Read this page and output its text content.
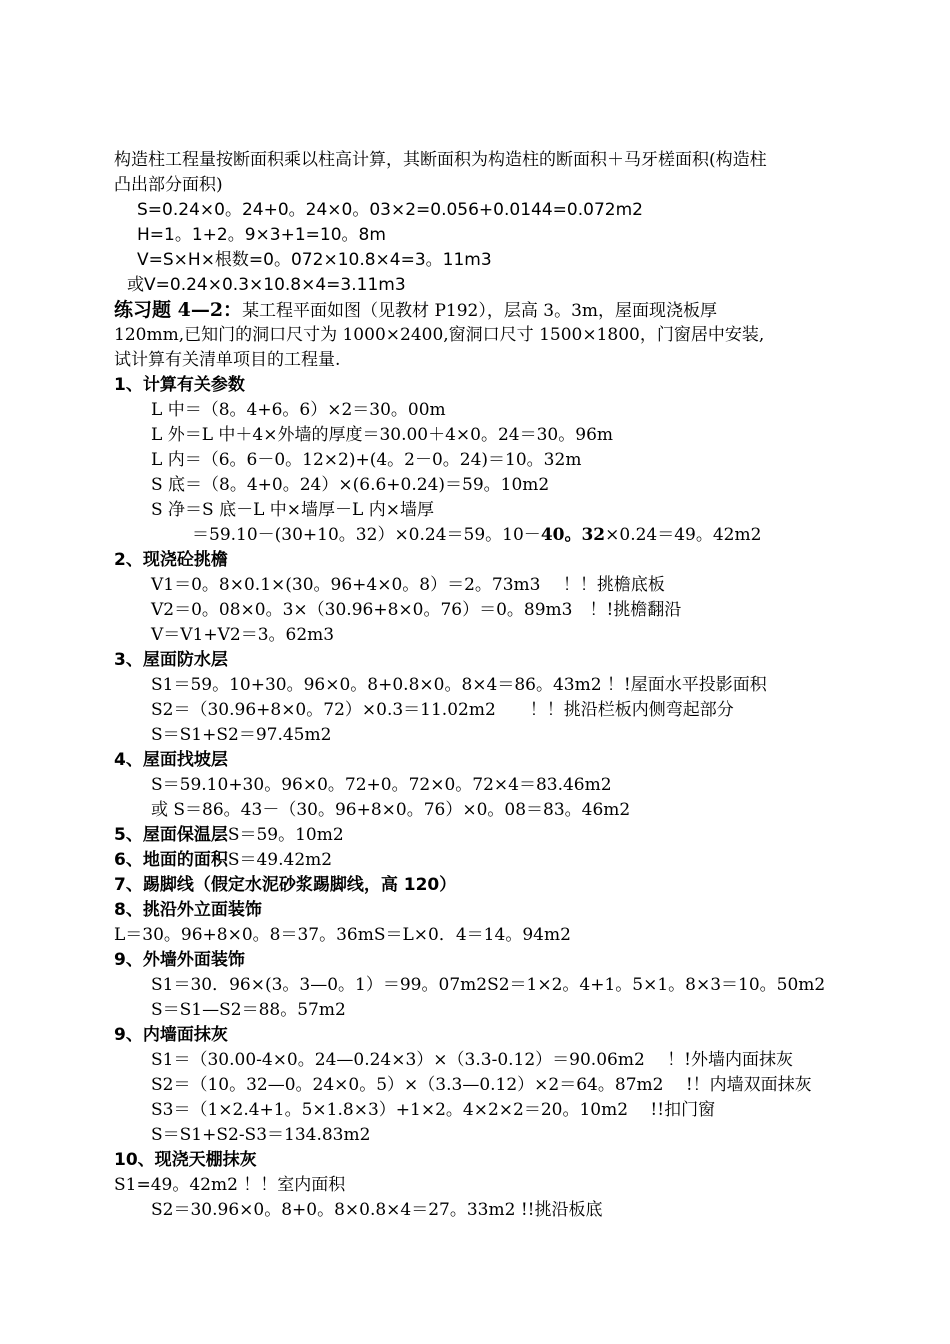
构造柱工程量按断面积乘以柱高计算，其断面积为构造柱的断面积＋马牙槎面积(构造柱
凸出部分面积)
S=0.24×0。24+0。24×0。03×2=0.056+0.0144=0.072m2
H=1。1+2。9×3+1=10。8m
V=S×H×根数=0。072×10.8×4=3。11m3
或V=0.24×0.3×10.8×4=3.11m3
练习题 4—2：某工程平面如图（见教材 P192），层高 3。3m，屋面现浇板厚
120mm,已知门的洞口尺寸为 1000×2400,窗洞口尺寸 1500×1800，门窗居中安装,
试计算有关清单项目的工程量.
1、计算有关参数
L 中＝（8。4+6。6）×2＝30。00m
L 外＝L 中＋4×外墙的厚度＝30.00＋4×0。24＝30。96m
L 内＝（6。6－0。12×2)+(4。2－0。24)＝10。32m
S 底＝（8。4+0。24）×(6.6+0.24)＝59。10m2
S 净＝S 底－L 中×墙厚－L 内×墙厚
＝59.10－(30+10。32）×0.24＝59。10－40。32×0.24＝49。42m2
2、现浇砼挑檐
V1＝0。8×0.1×(30。96+4×0。8）＝2。73m3　 ！！挑檐底板
V2＝0。08×0。3×（30.96+8×0。76）＝0。89m3　！!挑檐翻沿
V＝V1+V2＝3。62m3
3、屋面防水层
S1＝59。10+30。96×0。8+0.8×0。8×4＝86。43m2 ！!屋面水平投影面积
S2＝（30.96+8×0。72）×0.3＝11.02m2　　！！挑沿栏板内侧弯起部分
S＝S1+S2＝97.45m2
4、屋面找坡层
S＝59.10+30。96×0。72+0。72×0。72×4＝83.46m2
或 S＝86。43－（30。96+8×0。76）×0。08＝83。46m2
5、屋面保温层S＝59。10m2
6、地面的面积S＝49.42m2
7、踢脚线（假定水泥砂浆踢脚线，高 120）
8、挑沿外立面装饰
L＝30。96+8×0。8＝37。36mS＝L×0．4＝14。94m2
9、外墙外面装饰
S1＝30．96×(3。3—0。1）＝99。07m2S2＝1×2。4+1。5×1。8×3＝10。50m2
S＝S1—S2＝88。57m2
9、内墙面抹灰
S1＝（30.00-4×0。24—0.24×3）×（3.3-0.12）＝90.06m2　 ！!外墙内面抹灰
S2＝（10。32—0。24×0。5）×（3.3—0.12）×2＝64。87m2　 !！内墙双面抹灰
S3＝（1×2.4+1。5×1.8×3）+1×2。4×2×2＝20。10m2　 !!扣门窗
S＝S1+S2-S3＝134.83m2
10、现浇天棚抹灰
S1=49。42m2 ！！室内面积
S2＝30.96×0。8+0。8×0.8×4＝27。33m2 !!挑沿板底
